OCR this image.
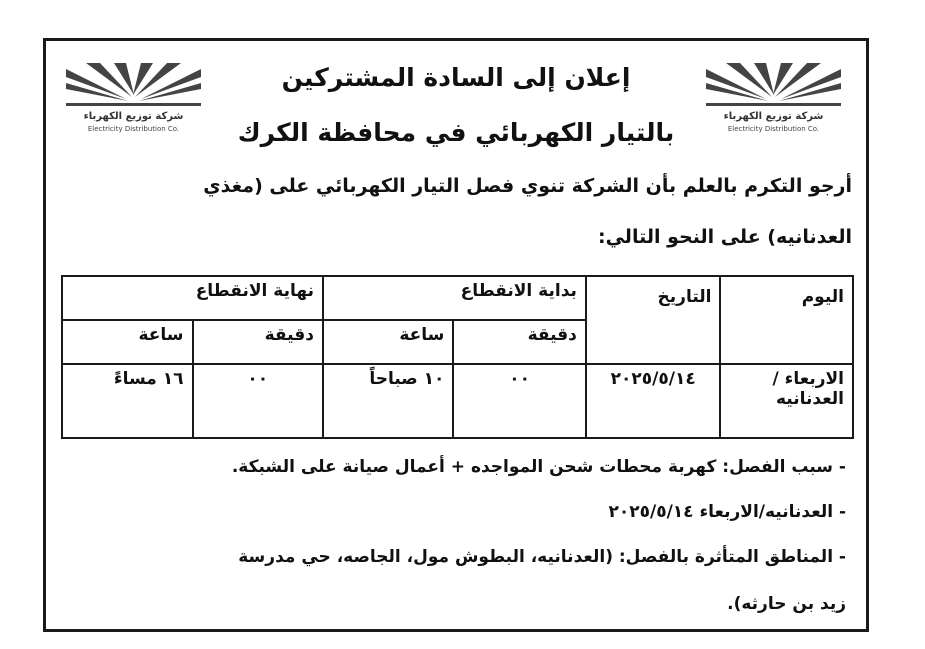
شركة توزيع الكهرباء
Electricity Distribution Co.
شركة توزيع الكهرباء
Electricity Distribution Co.
إعلان إلى السادة المشتركين
بالتيار الكهربائي في محافظة الكرك
أرجو التكرم بالعلم بأن الشركة تنوي فصل التيار الكهربائي على (مغذي
العدنانيه) على النحو التالي:
اليوم	التاريخ	بداية الانقطاع		نهاية الانقطاع	
		دقيقة	ساعة	دقيقة	ساعة

الاربعاء /
العدنانيه	٢٠٢٥/٥/١٤	٠٠	١٠ صباحاً	٠٠	١٦ مساءً
- سبب الفصل: كهربة محطات شحن المواجده + أعمال صيانة على الشبكة.
- العدنانيه/الاربعاء ٢٠٢٥/٥/١٤
- المناطق المتأثرة بالفصل: (العدنانيه، البطوش مول، الجاصه، حي مدرسة
زيد بن حارثه).
